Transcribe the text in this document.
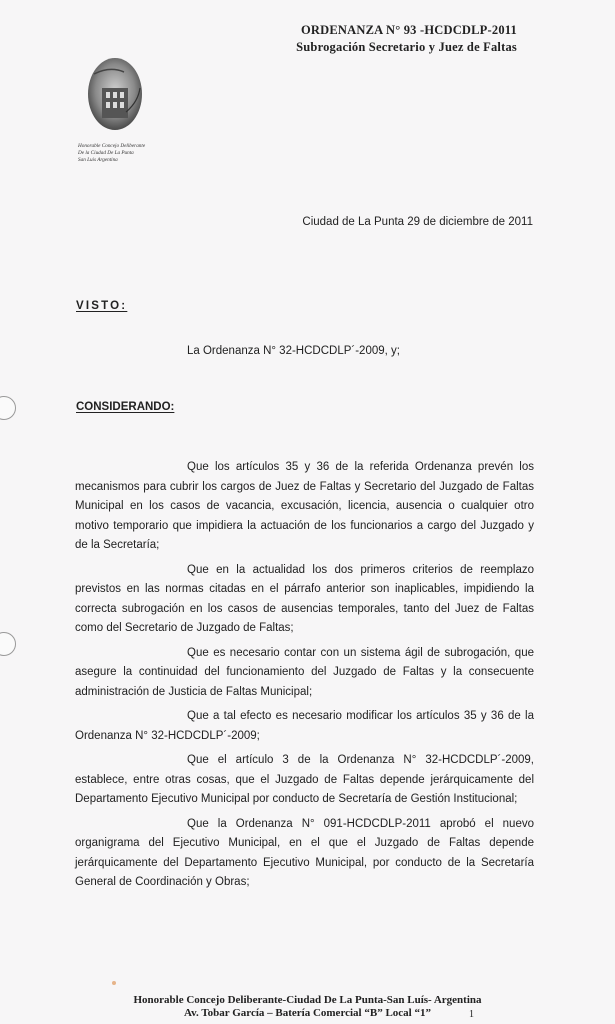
ORDENANZA N° 93 -HCDCDLP-2011
Subrogación Secretario y Juez de Faltas
Honorable Concejo Deliberante
De la Ciudad De La Punta
San Luis Argentina
Ciudad de La Punta 29 de diciembre de 2011
VISTO:
La Ordenanza N° 32-HCDCDLP´-2009, y;
CONSIDERANDO:

Que los artículos 35 y 36 de la referida Ordenanza prevén los mecanismos para cubrir los cargos de Juez de Faltas y Secretario del Juzgado de Faltas Municipal en los casos de vacancia, excusación, licencia, ausencia o cualquier otro motivo temporario que impidiera la actuación de los funcionarios a cargo del Juzgado y de la Secretaría;

Que en la actualidad los dos primeros criterios de reemplazo previstos en las normas citadas en el párrafo anterior son inaplicables, impidiendo la correcta subrogación en los casos de ausencias temporales, tanto del Juez de Faltas como del Secretario de Juzgado de Faltas;

Que es necesario contar con un sistema ágil de subrogación, que asegure la continuidad del funcionamiento del Juzgado de Faltas y la consecuente administración de Justicia de Faltas Municipal;

Que a tal efecto es necesario modificar los artículos 35 y 36 de la Ordenanza N° 32-HCDCDLP´-2009;

Que el artículo 3 de la Ordenanza N° 32-HCDCDLP´-2009, establece, entre otras cosas, que el Juzgado de Faltas depende jerárquicamente del Departamento Ejecutivo Municipal por conducto de Secretaría de Gestión Institucional;

Que la Ordenanza N° 091-HCDCDLP-2011 aprobó el nuevo organigrama del Ejecutivo Municipal, en el que el Juzgado de Faltas depende jerárquicamente del Departamento Ejecutivo Municipal, por conducto de la Secretaría General de Coordinación y Obras;

Honorable Concejo Deliberante-Ciudad De La Punta-San Luís- Argentina
Av. Tobar García – Batería Comercial “B” Local “1”	1
